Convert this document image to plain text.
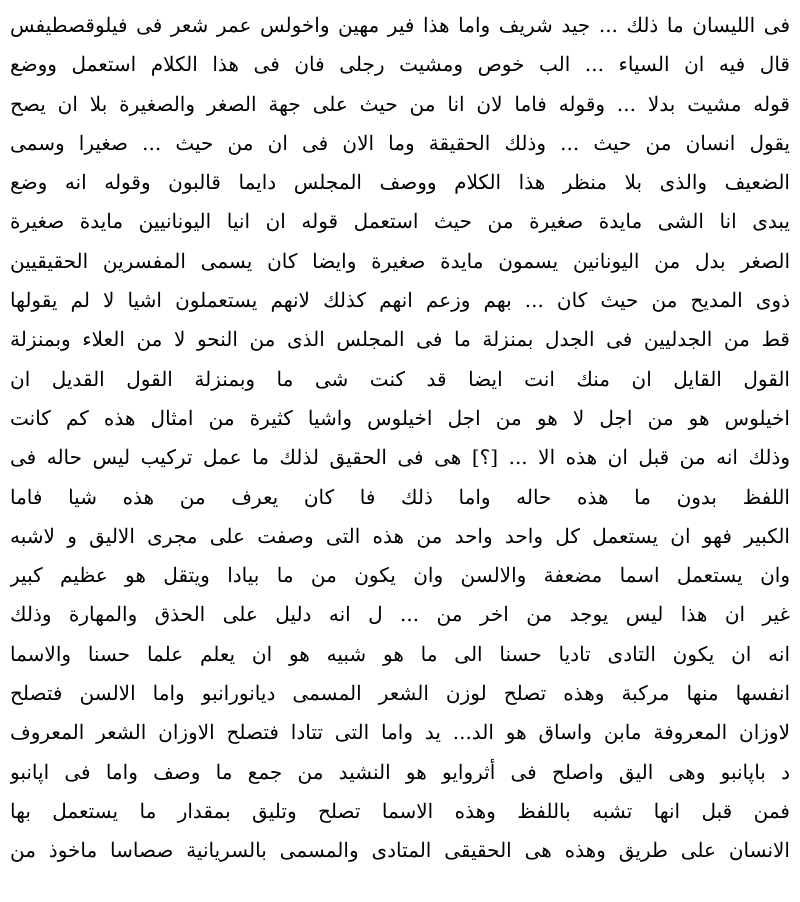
فى الليسان ما ذلك ... جيد شريف واما هذا فير مهين واخولس عمر شعر فى فيلوقصطيفس
قال فيه ان السياء ... الب خوص ومشيت رجلى فان فى هذا الكلام استعمل ووضع
قوله مشيت بدلا ... وقوله فاما لان انا من حيث على جهة الصغر والصغيرة بلا ان يصح
يقول انسان من حيث ... وذلك الحقيقة وما الان فى ان من حيث ... صغيرا وسمى
الضعيف والذى بلا منظر هذا الكلام ووصف المجلس دايما قالبون وقوله انه وضع
يبدى انا الشى مايدة صغيرة من حيث استعمل قوله ان انيا اليونانيين مايدة صغيرة
الصغر بدل من اليونانين يسمون مايدة صغيرة وايضا كان يسمى المفسرين الحقيقيين
ذوى المديح من حيث كان ... بهم وزعم انهم كذلك لانهم يستعملون اشيا لا لم يقولها
قط من الجدليين فى الجدل بمنزلة ما فى المجلس الذى من النحو لا من العلاء وبمنزلة
القول القايل ان منك انت ايضا قد كنت شى ما وبمنزلة القول القديل ان
اخيلوس هو من اجل لا هو من اجل اخيلوس واشيا كثيرة من امثال هذه كم كانت
وذلك انه من قبل ان هذه الا ... [؟] هى فى الحقيق لذلك ما عمل تركيب ليس حاله فى
اللفظ بدون ما هذه حاله واما ذلك فا كان يعرف من هذه شيا فاما
الكبير فهو ان يستعمل كل واحد واحد من هذه التى وصفت على مجرى الاليق و لاشبه
وان يستعمل اسما مضعفة والالسن وان يكون من ما بيادا ويتقل هو عظيم كبير
غير ان هذا ليس يوجد من اخر من ... ل انه دليل على الحذق والمهارة وذلك
انه ان يكون التادى تاديا حسنا الى ما هو شبيه هو ان يعلم علما حسنا والاسما
انفسها منها مركبة وهذه تصلح لوزن الشعر المسمى ديانورانبو واما الالسن فتصلح
لاوزان المعروفة مابن واساق هو الد... يد واما التى تتادا فتصلح الاوزان الشعر المعروف
د باپانبو وهى اليق واصلح فى أثروايو هو النشيد من جمع ما وصف واما فى اپانبو
فمن قبل انها تشبه باللفظ وهذه الاسما تصلح وتليق بمقدار ما يستعمل بها
الانسان على طريق وهذه هى الحقيقى المتادى والمسمى بالسريانية صصاسا ماخوذ من
